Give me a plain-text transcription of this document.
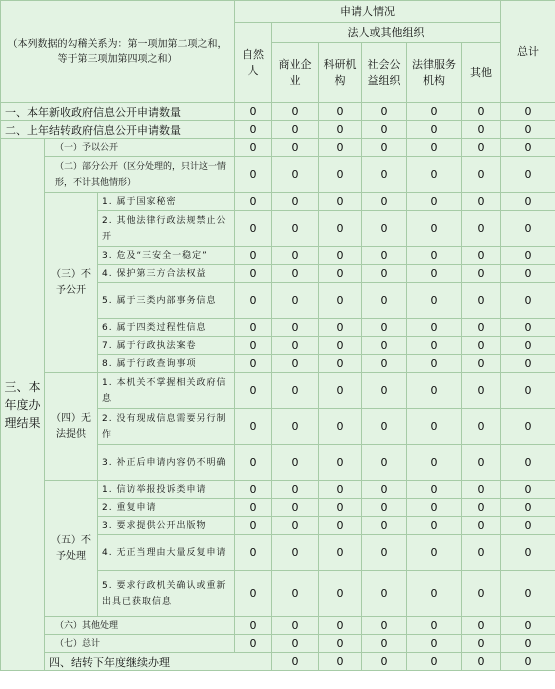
（本列数据的勾稽关系为：第一项加第二项之和，等于第三项加第四项之和）			申请人情况						总计	
			自然人	法人或其他组织						
				商业企业	科研机构	社会公益组织	法律服务机构	其他		
一、本年新收政府信息公开申请数量			0	0	0	0	0	0	0	
二、上年结转政府信息公开申请数量			0	0	0	0	0	0	0	
三、本年度办理结果	（一）予以公开		0	0	0	0	0	0	0	
	（二）部分公开（区分处理的，只计这一情形，不计其他情形）		0	0	0	0	0	0	0	
	（三）不予公开	1. 属于国家秘密	0	0	0	0	0	0	0	
		2. 其他法律行政法规禁止公开	0	0	0	0	0	0	0	
		3. 危及“三安全一稳定”	0	0	0	0	0	0	0	
		4. 保护第三方合法权益	0	0	0	0	0	0	0	
		5. 属于三类内部事务信息	0	0	0	0	0	0	0	
		6. 属于四类过程性信息	0	0	0	0	0	0	0	
		7. 属于行政执法案卷	0	0	0	0	0	0	0	
		8. 属于行政查询事项	0	0	0	0	0	0	0	
	（四）无法提供	1. 本机关不掌握相关政府信息	0	0	0	0	0	0	0	
		2. 没有现成信息需要另行制作	0	0	0	0	0	0	0	
		3. 补正后申请内容仍不明确	0	0	0	0	0	0	0	
	（五）不予处理	1. 信访举报投诉类申请	0	0	0	0	0	0	0	
		2. 重复申请	0	0	0	0	0	0	0	
		3. 要求提供公开出版物	0	0	0	0	0	0	0	
		4. 无正当理由大量反复申请	0	0	0	0	0	0	0	
		5. 要求行政机关确认或重新出具已获取信息	0	0	0	0	0	0	0	
	（六）其他处理		0	0	0	0	0	0	0	
	（七）总计		0	0	0	0	0	0	0	
	四、结转下年度继续办理			0	0	0	0	0	0	
